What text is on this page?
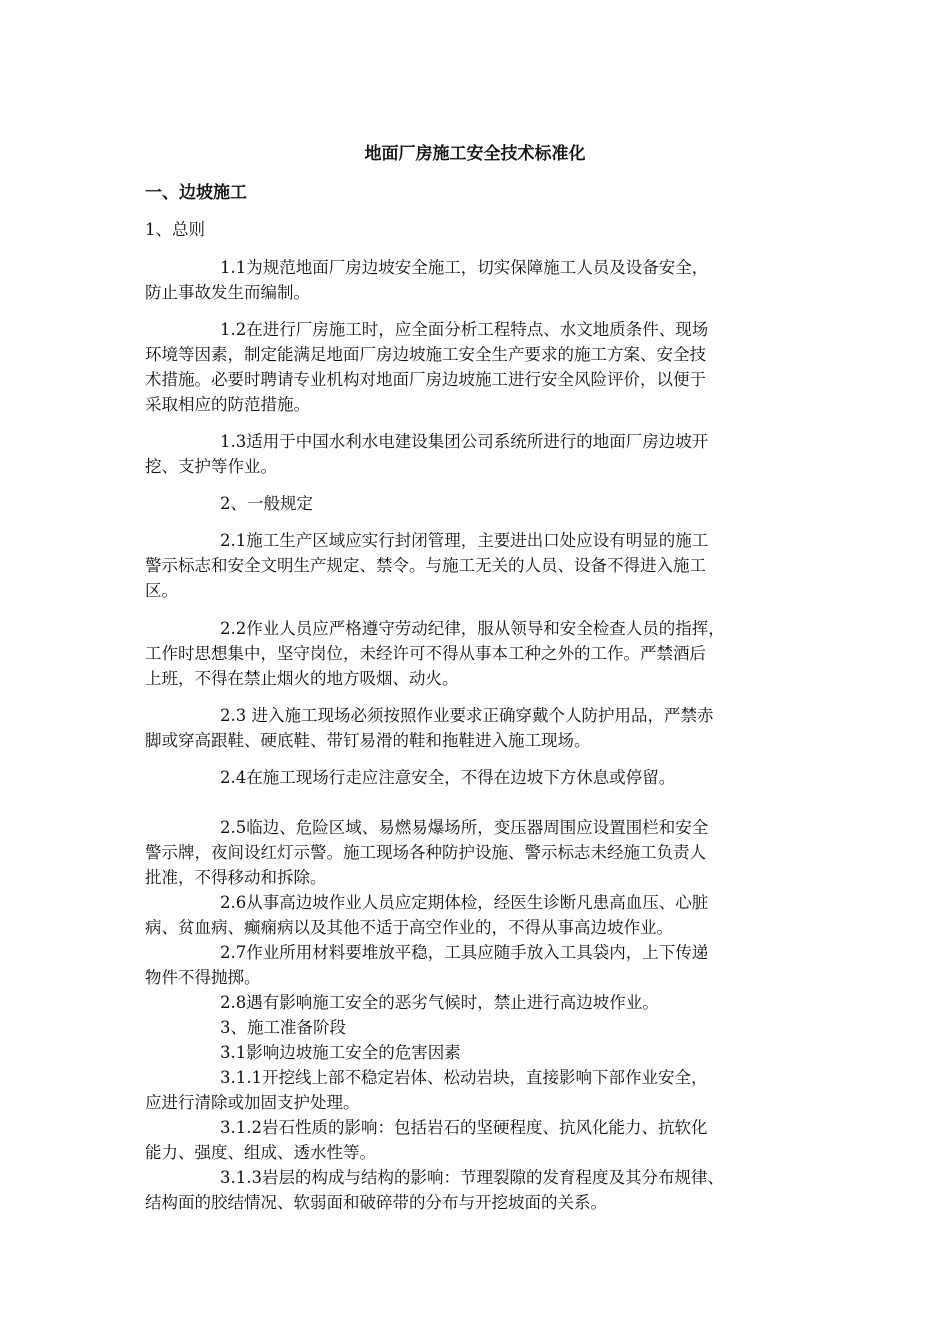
地面厂房施工安全技术标准化
一、边坡施工
1、总则
1.1为规范地面厂房边坡安全施工，切实保障施工人员及设备安全，
防止事故发生而编制。
1.2在进行厂房施工时，应全面分析工程特点、水文地质条件、现场
环境等因素，制定能满足地面厂房边坡施工安全生产要求的施工方案、安全技
术措施。必要时聘请专业机构对地面厂房边坡施工进行安全风险评价，以便于
采取相应的防范措施。
1.3适用于中国水利水电建设集团公司系统所进行的地面厂房边坡开
挖、支护等作业。
2、一般规定
2.1施工生产区域应实行封闭管理，主要进出口处应设有明显的施工
警示标志和安全文明生产规定、禁令。与施工无关的人员、设备不得进入施工
区。
2.2作业人员应严格遵守劳动纪律，服从领导和安全检查人员的指挥，
工作时思想集中，坚守岗位，未经许可不得从事本工种之外的工作。严禁酒后
上班，不得在禁止烟火的地方吸烟、动火。
2.3 进入施工现场必须按照作业要求正确穿戴个人防护用品，严禁赤
脚或穿高跟鞋、硬底鞋、带钉易滑的鞋和拖鞋进入施工现场。
2.4在施工现场行走应注意安全，不得在边坡下方休息或停留。
2.5临边、危险区域、易燃易爆场所，变压器周围应设置围栏和安全
警示牌，夜间设红灯示警。施工现场各种防护设施、警示标志未经施工负责人
批准，不得移动和拆除。
2.6从事高边坡作业人员应定期体检，经医生诊断凡患高血压、心脏
病、贫血病、癫痫病以及其他不适于高空作业的，不得从事高边坡作业。
2.7作业所用材料要堆放平稳，工具应随手放入工具袋内，上下传递
物件不得抛掷。
2.8遇有影响施工安全的恶劣气候时，禁止进行高边坡作业。
3、施工准备阶段
3.1影响边坡施工安全的危害因素
3.1.1开挖线上部不稳定岩体、松动岩块，直接影响下部作业安全，
应进行清除或加固支护处理。
3.1.2岩石性质的影响：包括岩石的坚硬程度、抗风化能力、抗软化
能力、强度、组成、透水性等。
3.1.3岩层的构成与结构的影响：节理裂隙的发育程度及其分布规律、
结构面的胶结情况、软弱面和破碎带的分布与开挖坡面的关系。
